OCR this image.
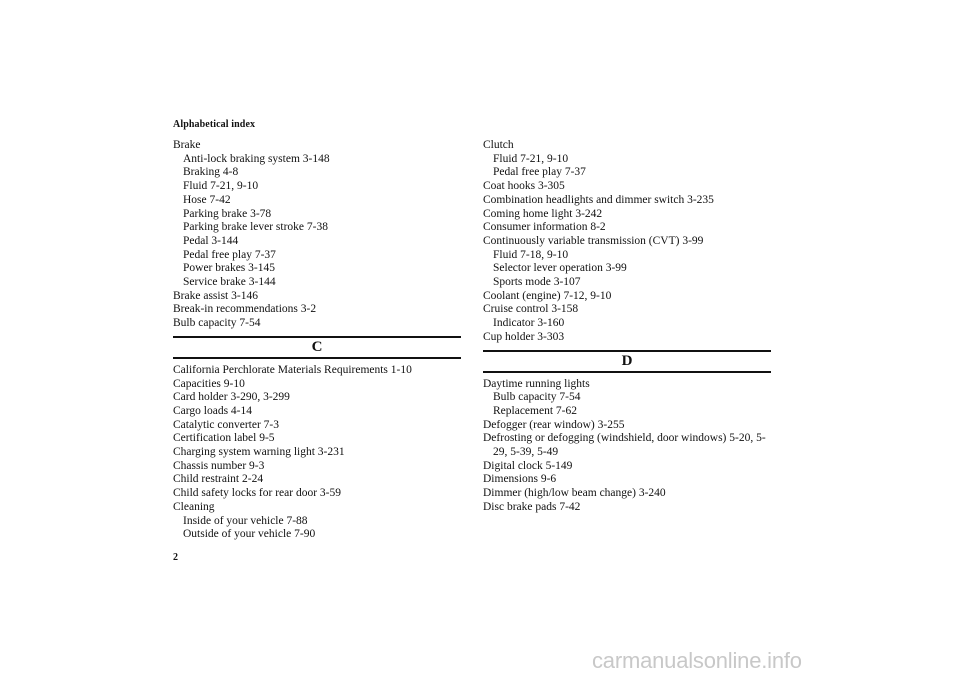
Alphabetical index
Brake
Anti-lock braking system 3-148
Braking 4-8
Fluid 7-21, 9-10
Hose 7-42
Parking brake 3-78
Parking brake lever stroke 7-38
Pedal 3-144
Pedal free play 7-37
Power brakes 3-145
Service brake 3-144
Brake assist 3-146
Break-in recommendations 3-2
Bulb capacity 7-54
C
California Perchlorate Materials Requirements 1-10
Capacities 9-10
Card holder 3-290, 3-299
Cargo loads 4-14
Catalytic converter 7-3
Certification label 9-5
Charging system warning light 3-231
Chassis number 9-3
Child restraint 2-24
Child safety locks for rear door 3-59
Cleaning
Inside of your vehicle 7-88
Outside of your vehicle 7-90
Clutch
Fluid 7-21, 9-10
Pedal free play 7-37
Coat hooks 3-305
Combination headlights and dimmer switch 3-235
Coming home light 3-242
Consumer information 8-2
Continuously variable transmission (CVT) 3-99
Fluid 7-18, 9-10
Selector lever operation 3-99
Sports mode 3-107
Coolant (engine) 7-12, 9-10
Cruise control 3-158
Indicator 3-160
Cup holder 3-303
D
Daytime running lights
Bulb capacity 7-54
Replacement 7-62
Defogger (rear window) 3-255
Defrosting or defogging (windshield, door windows) 5-20, 5-
29, 5-39, 5-49
Digital clock 5-149
Dimensions 9-6
Dimmer (high/low beam change) 3-240
Disc brake pads 7-42
2
carmanualsonline.info
